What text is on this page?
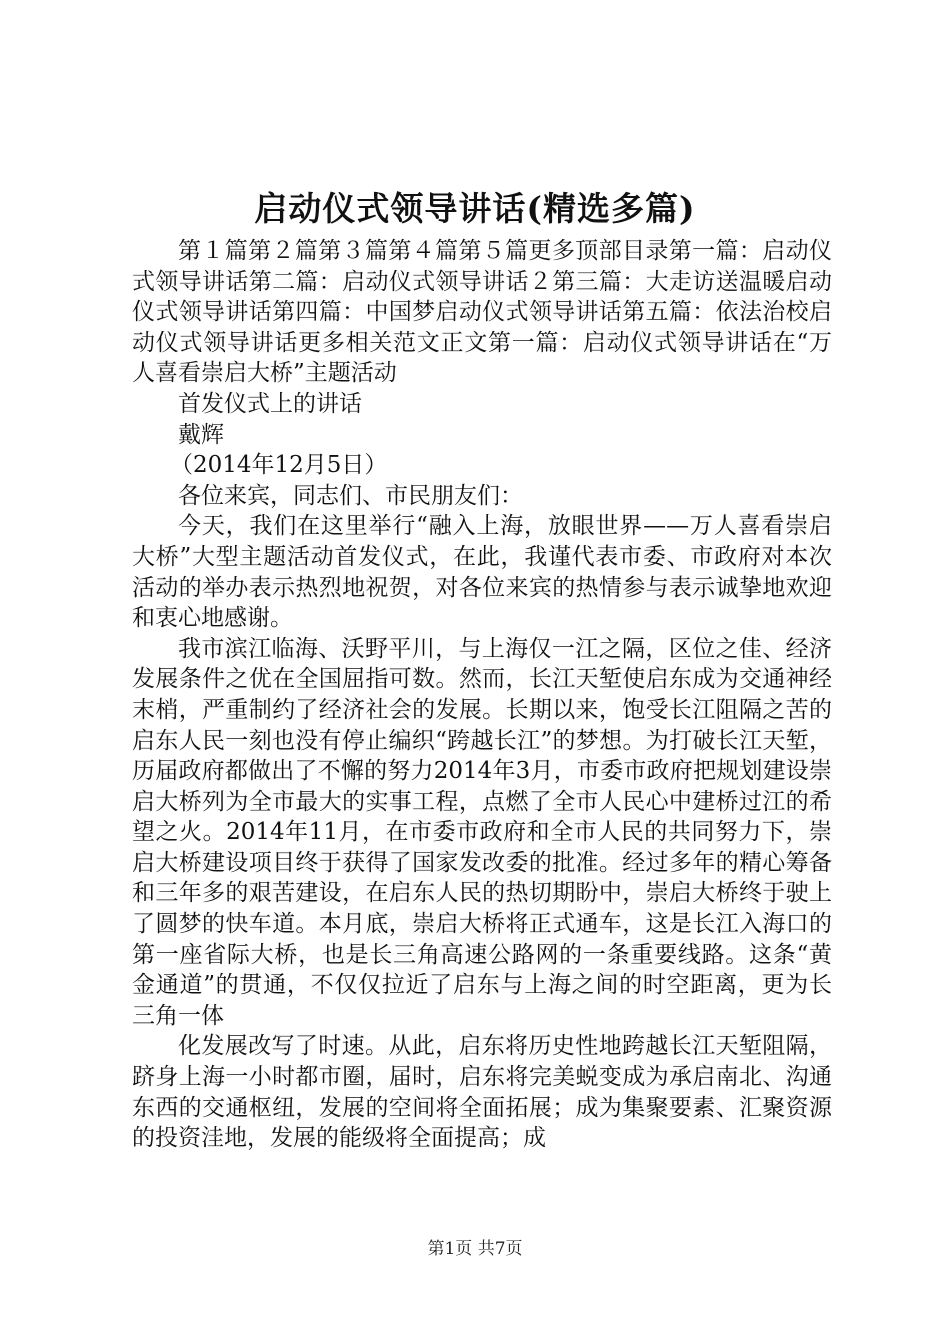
启动仪式领导讲话(精选多篇)

第１篇第２篇第３篇第４篇第５篇更多顶部目录第一篇：启动仪式领导讲话第二篇：启动仪式领导讲话２第三篇：大走访送温暖启动仪式领导讲话第四篇：中国梦启动仪式领导讲话第五篇：依法治校启动仪式领导讲话更多相关范文正文第一篇：启动仪式领导讲话在“万人喜看崇启大桥”主题活动

首发仪式上的讲话

戴辉

（2014年12月5日）

各位来宾，同志们、市民朋友们：

今天，我们在这里举行“融入上海，放眼世界——万人喜看崇启大桥”大型主题活动首发仪式，在此，我谨代表市委、市政府对本次活动的举办表示热烈地祝贺，对各位来宾的热情参与表示诚挚地欢迎和衷心地感谢。

我市滨江临海、沃野平川，与上海仅一江之隔，区位之佳、经济发展条件之优在全国屈指可数。然而，长江天堑使启东成为交通神经末梢，严重制约了经济社会的发展。长期以来，饱受长江阻隔之苦的启东人民一刻也没有停止编织“跨越长江”的梦想。为打破长江天堑，历届政府都做出了不懈的努力2014年3月，市委市政府把规划建设崇启大桥列为全市最大的实事工程，点燃了全市人民心中建桥过江的希望之火。2014年11月，在市委市政府和全市人民的共同努力下，崇启大桥建设项目终于获得了国家发改委的批准。经过多年的精心筹备和三年多的艰苦建设，在启东人民的热切期盼中，崇启大桥终于驶上了圆梦的快车道。本月底，崇启大桥将正式通车，这是长江入海口的第一座省际大桥，也是长三角高速公路网的一条重要线路。这条“黄金通道”的贯通，不仅仅拉近了启东与上海之间的时空距离，更为长三角一体

化发展改写了时速。从此，启东将历史性地跨越长江天堑阻隔，跻身上海一小时都市圈，届时，启东将完美蜕变成为承启南北、沟通东西的交通枢纽，发展的空间将全面拓展；成为集聚要素、汇聚资源的投资洼地，发展的能级将全面提高；成

第1页 共7页
